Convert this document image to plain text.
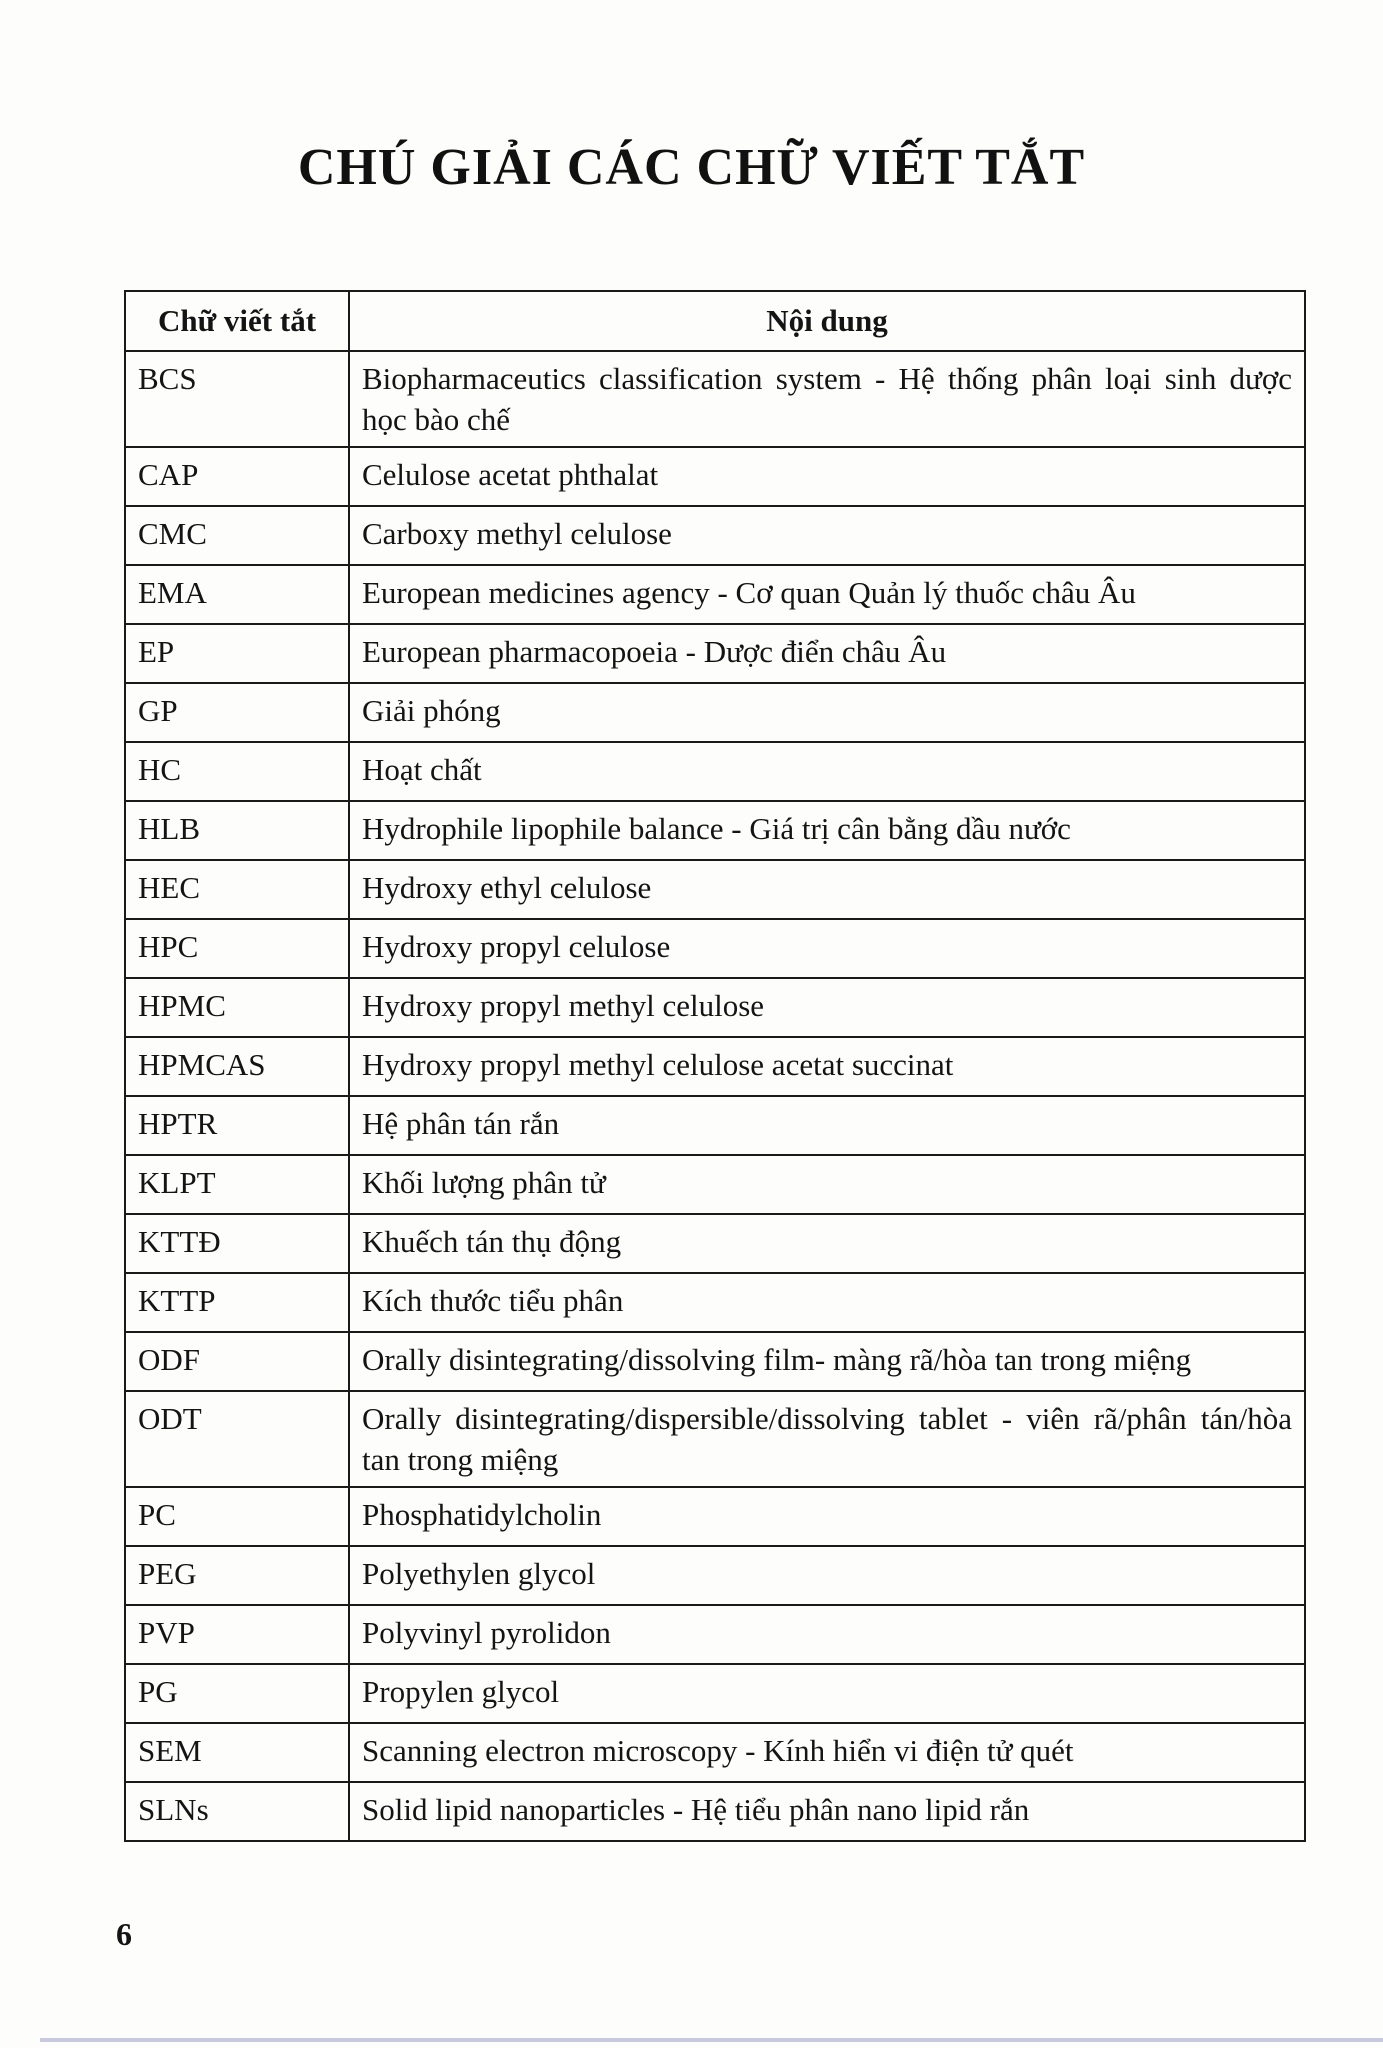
CHÚ GIẢI CÁC CHỮ VIẾT TẮT
Chữ viết tắt	Nội dung
BCS	Biopharmaceutics classification system - Hệ thống phân loại sinh dược học bào chế
CAP	Celulose acetat phthalat
CMC	Carboxy methyl celulose
EMA	European medicines agency - Cơ quan Quản lý thuốc châu Âu
EP	European pharmacopoeia - Dược điển châu Âu
GP	Giải phóng
HC	Hoạt chất
HLB	Hydrophile lipophile balance - Giá trị cân bằng dầu nước
HEC	Hydroxy ethyl celulose
HPC	Hydroxy propyl celulose
HPMC	Hydroxy propyl methyl celulose
HPMCAS	Hydroxy propyl methyl celulose acetat succinat
HPTR	Hệ phân tán rắn
KLPT	Khối lượng phân tử
KTTĐ	Khuếch tán thụ động
KTTP	Kích thước tiểu phân
ODF	Orally disintegrating/dissolving film- màng rã/hòa tan trong miệng
ODT	Orally disintegrating/dispersible/dissolving tablet - viên rã/phân tán/hòa tan trong miệng
PC	Phosphatidylcholin
PEG	Polyethylen glycol
PVP	Polyvinyl pyrolidon
PG	Propylen glycol
SEM	Scanning electron microscopy - Kính hiển vi điện tử quét
SLNs	Solid lipid nanoparticles - Hệ tiểu phân nano lipid rắn
6
